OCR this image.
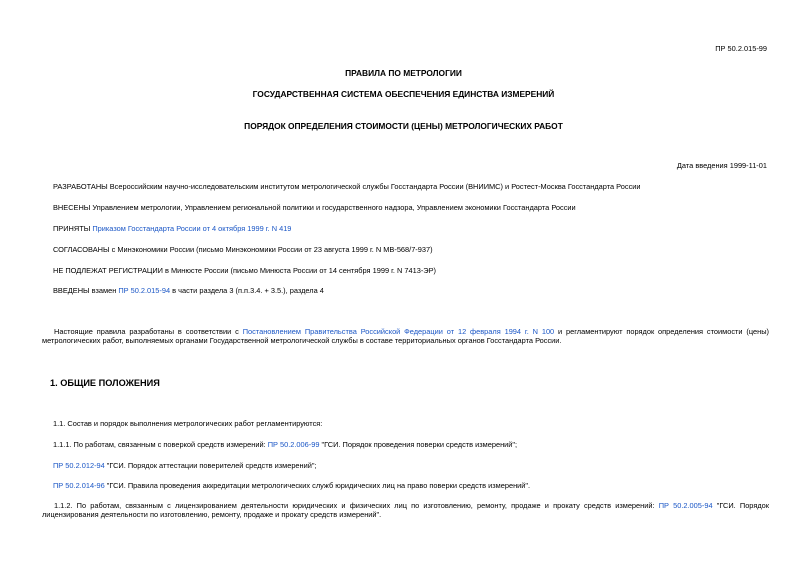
ПР 50.2.015-99
ПРАВИЛА ПО МЕТРОЛОГИИ
ГОСУДАРСТВЕННАЯ СИСТЕМА ОБЕСПЕЧЕНИЯ ЕДИНСТВА ИЗМЕРЕНИЙ
ПОРЯДОК ОПРЕДЕЛЕНИЯ СТОИМОСТИ (ЦЕНЫ) МЕТРОЛОГИЧЕСКИХ РАБОТ
Дата введения 1999-11-01
РАЗРАБОТАНЫ Всероссийским научно-исследовательским институтом метрологической службы Госстандарта России (ВНИИМС) и Ростест-Москва Госстандарта России
ВНЕСЕНЫ Управлением метрологии, Управлением региональной политики и государственного надзора, Управлением экономики Госстандарта России
ПРИНЯТЫ Приказом Госстандарта России от 4 октября 1999 г. N 419
СОГЛАСОВАНЫ с Минэкономики России (письмо Минэкономики России от 23 августа 1999 г. N МВ-568/7-937)
НЕ ПОДЛЕЖАТ РЕГИСТРАЦИИ в Минюсте России (письмо Минюста России от 14 сентября 1999 г. N 7413-ЭР)
ВВЕДЕНЫ взамен ПР 50.2.015-94 в части раздела 3 (п.п.3.4. + 3.5.), раздела 4
Настоящие правила разработаны в соответствии с Постановлением Правительства Российской Федерации от 12 февраля 1994 г. N 100 и регламентируют порядок определения стоимости (цены) метрологических работ, выполняемых органами Государственной метрологической службы в составе территориальных органов Госстандарта России.
1. ОБЩИЕ ПОЛОЖЕНИЯ
1.1. Состав и порядок выполнения метрологических работ регламентируются:
1.1.1. По работам, связанным с поверкой средств измерений: ПР 50.2.006-99 "ГСИ. Порядок проведения поверки средств измерений";
ПР 50.2.012-94 "ГСИ. Порядок аттестации поверителей средств измерений";
ПР 50.2.014-96 "ГСИ. Правила проведения аккредитации метрологических служб юридических лиц на право поверки средств измерений".
1.1.2. По работам, связанным с лицензированием деятельности юридических и физических лиц по изготовлению, ремонту, продаже и прокату средств измерений: ПР 50.2.005-94 "ГСИ. Порядок лицензирования деятельности по изготовлению, ремонту, продаже и прокату средств измерений".
